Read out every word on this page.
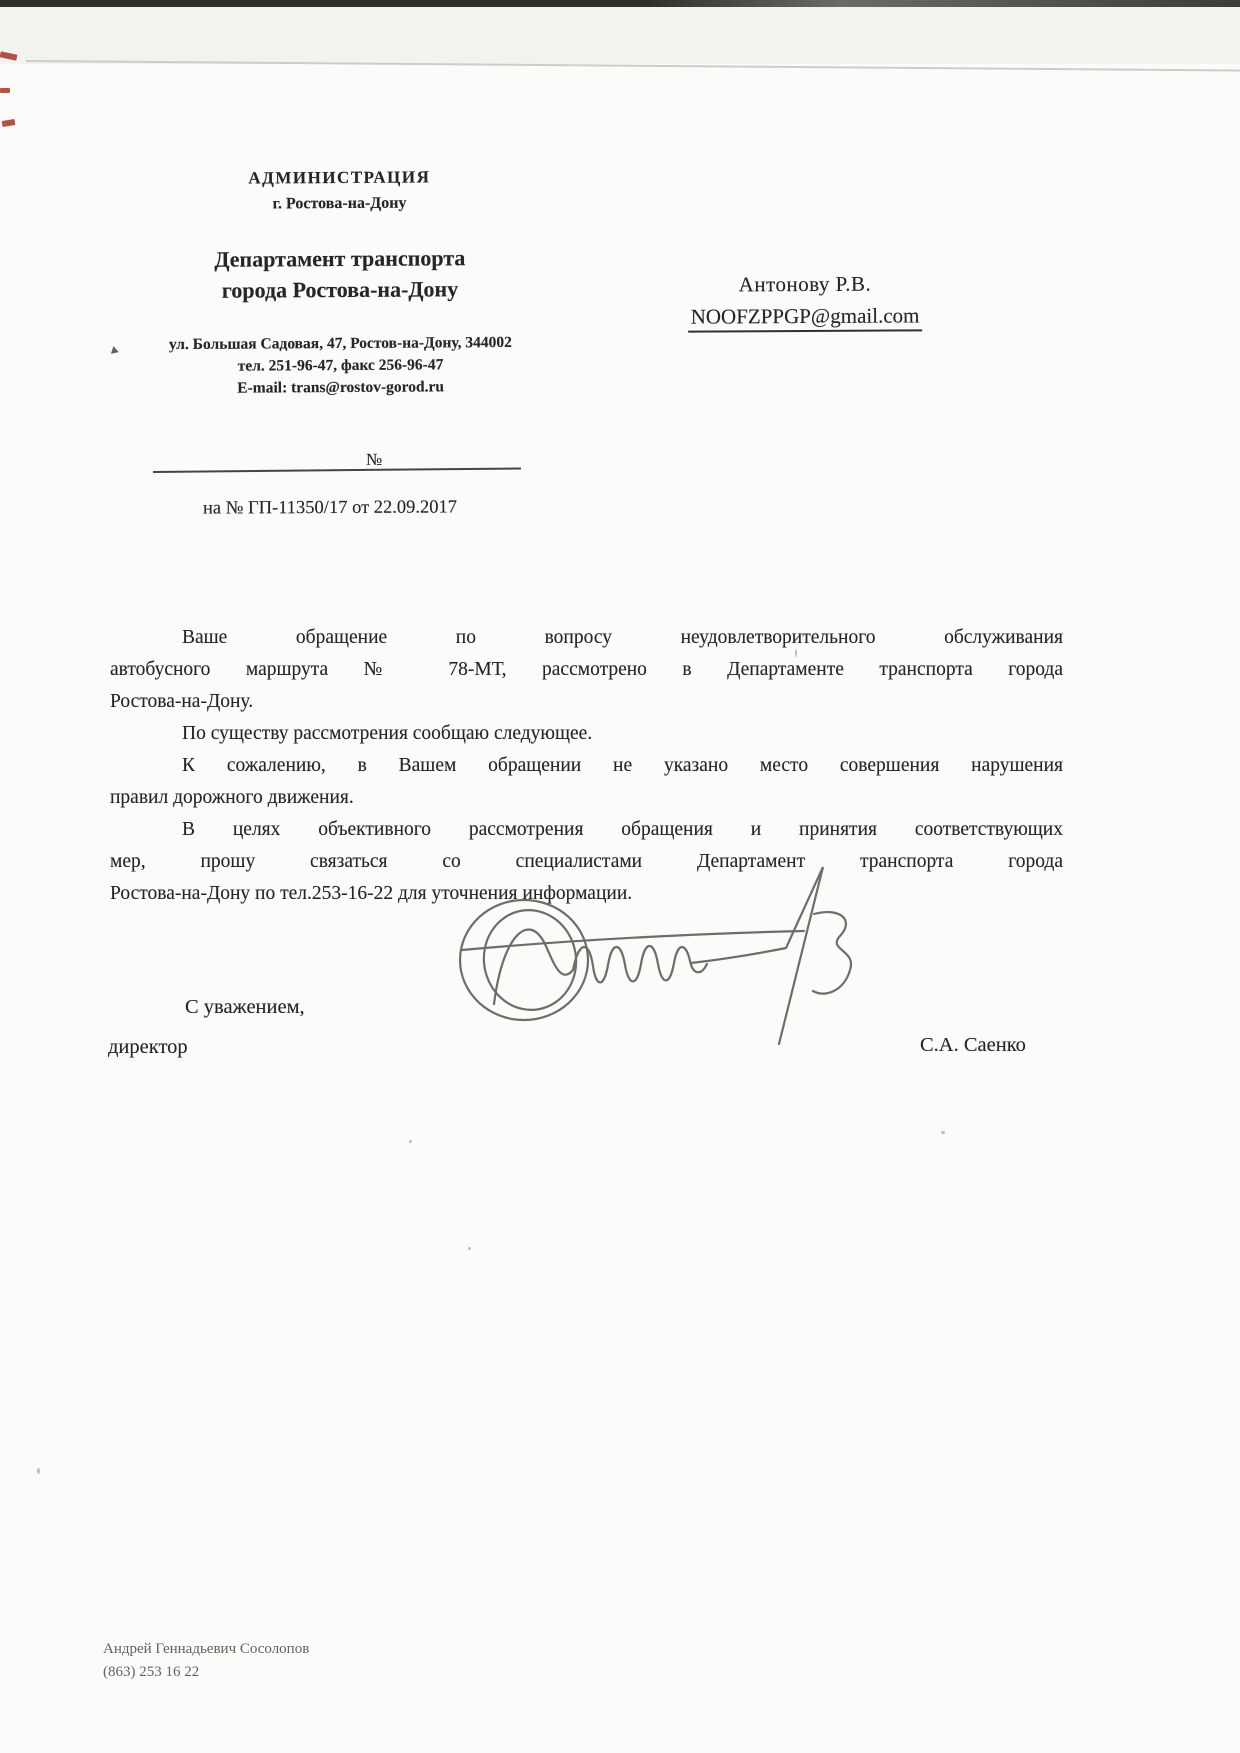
АДМИНИСТРАЦИЯ
г. Ростова-на-Дону
Департамент транспорта
города Ростова-на-Дону
ул. Большая Садовая, 47, Ростов-на-Дону, 344002
тел. 251-96-47, факс 256-96-47
E-mail: trans@rostov-gorod.ru
Антонову Р.В.
NOOFZPPGP@gmail.com
№
на № ГП-11350/17 от 22.09.2017
Ваше обращение по вопросу неудовлетворительного обслуживания
автобусного маршрута № 78-МТ, рассмотрено в Департаменте транспорта города
Ростова-на-Дону.
По существу рассмотрения сообщаю следующее.
К сожалению, в Вашем обращении не указано место совершения нарушения
правил дорожного движения.
В целях объективного рассмотрения обращения и принятия соответствующих
мер, прошу связаться со специалистами Департамент транспорта города
Ростова-на-Дону по тел.253-16-22 для уточнения информации.
С уважением,
директор	С.А. Саенко
Андрей Геннадьевич Сосолопов
(863) 253 16 22
